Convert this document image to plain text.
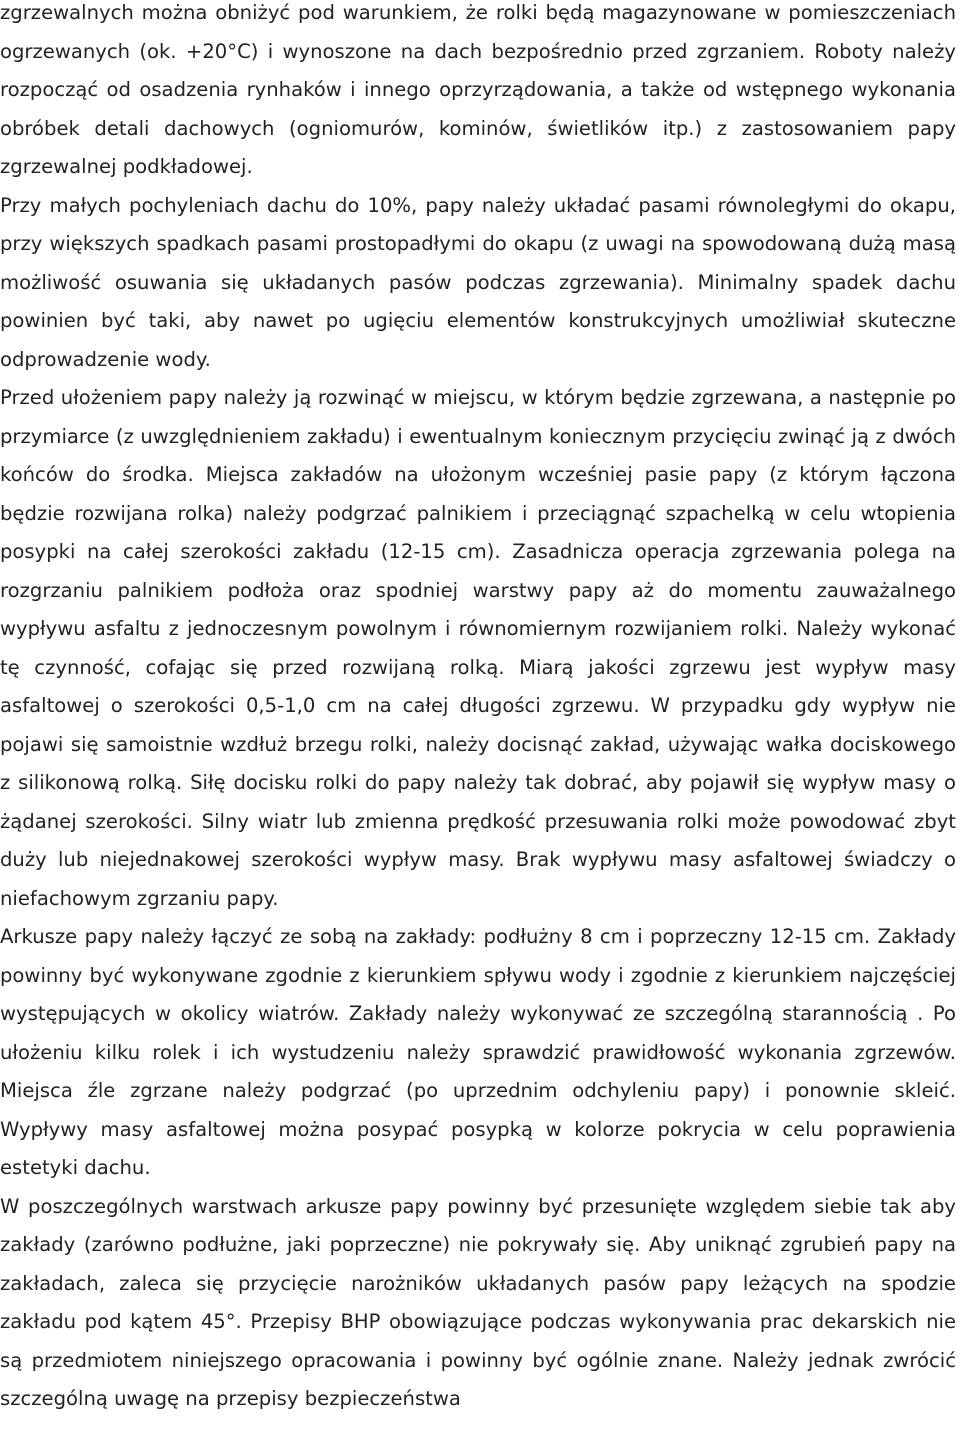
zgrzewalnych można obniżyć pod warunkiem, że rolki będą magazynowane w pomieszczeniach ogrzewanych (ok. +20°C) i wynoszone na dach bezpośrednio przed zgrzaniem. Roboty należy rozpocząć od osadzenia rynhaków i innego oprzyrządowania, a także od wstępnego wykonania obróbek detali dachowych (ogniomurów, kominów, świetlików itp.) z zastosowaniem papy zgrzewalnej podkładowej.

Przy małych pochyleniach dachu do 10%, papy należy układać pasami równoległymi do okapu, przy większych spadkach pasami prostopadłymi do okapu (z uwagi na spowodowaną dużą masą możliwość osuwania się układanych pasów podczas zgrzewania). Minimalny spadek dachu powinien być taki, aby nawet po ugięciu elementów konstrukcyjnych umożliwiał skuteczne odprowadzenie wody.

Przed ułożeniem papy należy ją rozwinąć w miejscu, w którym będzie zgrzewana, a następnie po przymiarce (z uwzględnieniem zakładu) i ewentualnym koniecznym przycięciu zwinąć ją z dwóch końców do środka. Miejsca zakładów na ułożonym wcześniej pasie papy (z którym łączona będzie rozwijana rolka) należy podgrzać palnikiem i przeciągnąć szpachelką w celu wtopienia posypki na całej szerokości zakładu (12-15 cm). Zasadnicza operacja zgrzewania polega na rozgrzaniu palnikiem podłoża oraz spodniej warstwy papy aż do momentu zauważalnego wypływu asfaltu z jednoczesnym powolnym i równomiernym rozwijaniem rolki. Należy wykonać tę czynność, cofając się przed rozwijaną rolką. Miarą jakości zgrzewu jest wypływ masy asfaltowej o szerokości 0,5-1,0 cm na całej długości zgrzewu. W przypadku gdy wypływ nie pojawi się samoistnie wzdłuż brzegu rolki, należy docisnąć zakład, używając wałka dociskowego z silikonową rolką. Siłę docisku rolki do papy należy tak dobrać, aby pojawił się wypływ masy o żądanej szerokości. Silny wiatr lub zmienna prędkość przesuwania rolki może powodować zbyt duży lub niejednakowej szerokości wypływ masy. Brak wypływu masy asfaltowej świadczy o niefachowym zgrzaniu papy.

Arkusze papy należy łączyć ze sobą na zakłady: podłużny 8 cm i poprzeczny 12-15 cm. Zakłady powinny być wykonywane zgodnie z kierunkiem spływu wody i zgodnie z kierunkiem najczęściej występujących w okolicy wiatrów. Zakłady należy wykonywać ze szczególną starannością . Po ułożeniu kilku rolek i ich wystudzeniu należy sprawdzić prawidłowość wykonania zgrzewów. Miejsca źle zgrzane należy podgrzać (po uprzednim odchyleniu papy) i ponownie skleić. Wypływy masy asfaltowej można posypać posypką w kolorze pokrycia w celu poprawienia estetyki dachu.

W poszczególnych warstwach arkusze papy powinny być przesunięte względem siebie tak aby zakłady (zarówno podłużne, jaki poprzeczne) nie pokrywały się. Aby uniknąć zgrubień papy na zakładach, zaleca się przycięcie narożników układanych pasów papy leżących na spodzie zakładu pod kątem 45°. Przepisy BHP obowiązujące podczas wykonywania prac dekarskich nie są przedmiotem niniejszego opracowania i powinny być ogólnie znane. Należy jednak zwrócić szczególną uwagę na przepisy bezpieczeństwa
